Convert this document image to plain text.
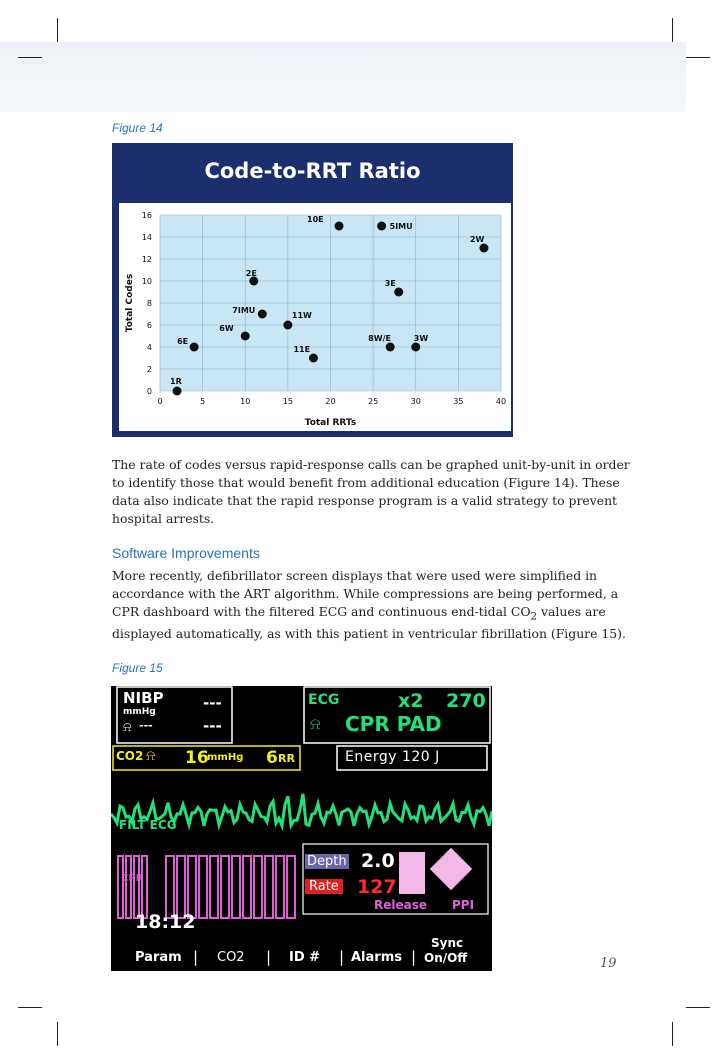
Figure 14
Code-to-RRT Ratio
0
2
4
6
8
10
12
14
16
0	5	10	15	20	25	30	35	40
Total RRTs
Total Codes
1R
6E
6W
7IMU
2E
11W
11E
10E
5IMU
3E
8W/E	3W
2W

The rate of codes versus rapid-response calls can be graphed unit-by-unit in order to identify those that would benefit from additional education (Figure 14). These data also indicate that the rapid response program is a valid strategy to prevent hospital arrests.

Software Improvements

More recently, defibrillator screen displays that were used were simplified in accordance with the ART algorithm. While compressions are being performed, a CPR dashboard with the filtered ECG and continuous end-tidal $CO_2$ values are displayed automatically, as with this patient in ventricular fibrillation (Figure 15).

Figure 15
NIBP
mmHg
⍾ ---
---
---
ECG	x2 270
⍾ CPR PAD
CO2 ⍾ 16
mmHg 6 RR	Energy 120 J
FILT ECG
CPR
Depth 2.0
Rate 127
Release PPI
18:12
Param | CO2 | ID # | Alarms |
Sync
On/Off	19
